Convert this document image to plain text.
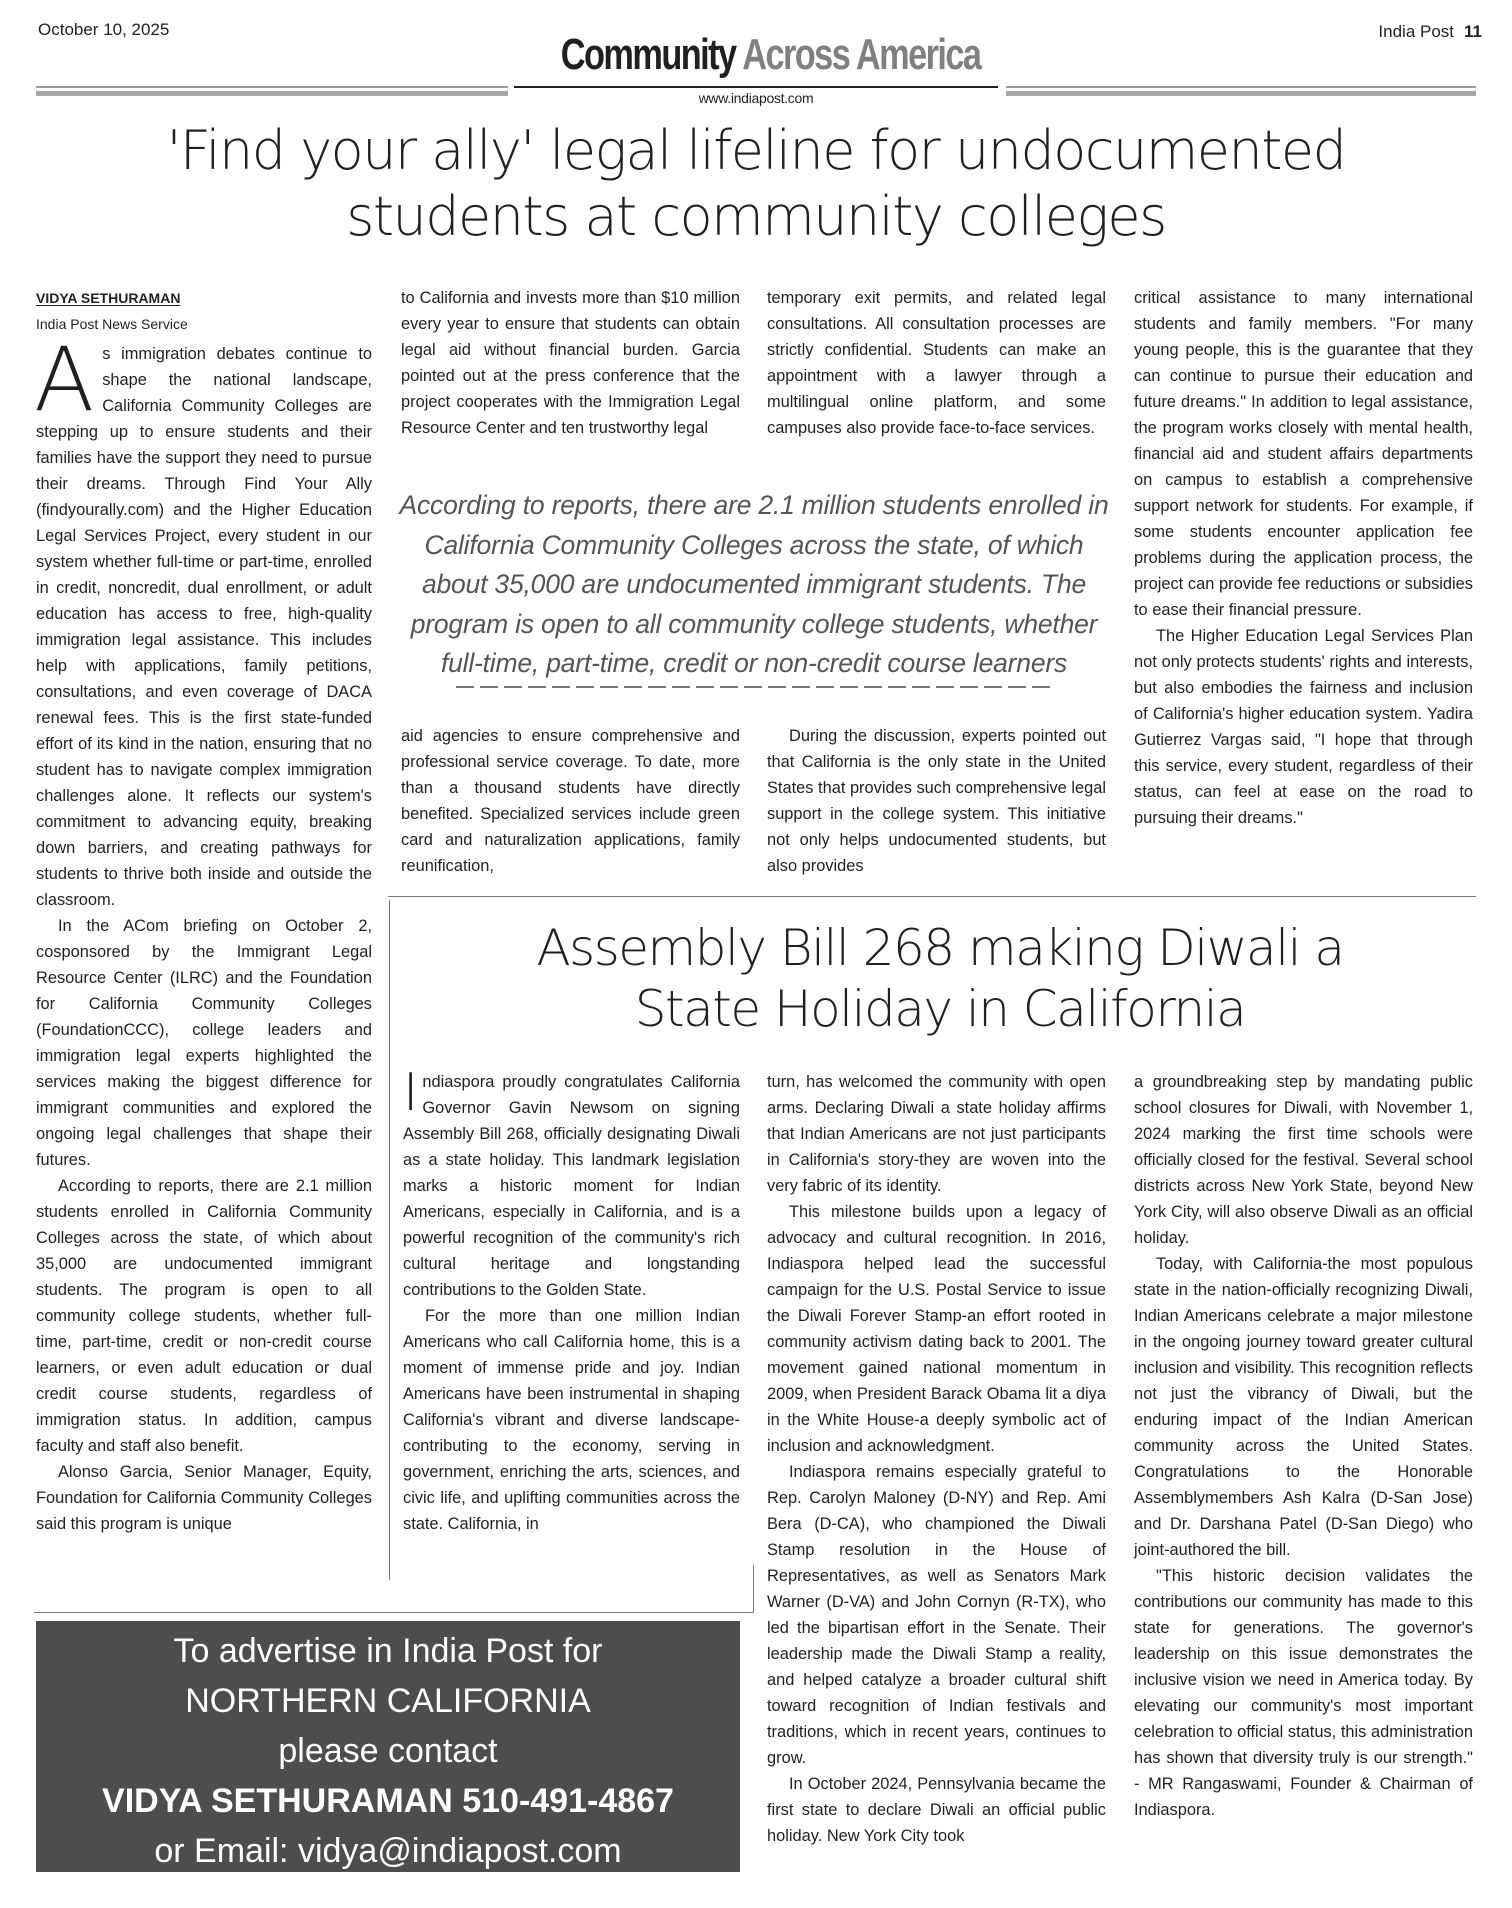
October 10, 2025
Community Across America	India Post 11
www.indiapost.com
'Find your ally' legal lifeline for undocumented
students at community colleges
VIDYA SETHURAMAN
India Post News Service

As immigration debates continue to shape the national landscape, California Community Colleges are stepping up to ensure students and their families have the support they need to pursue their dreams. Through Find Your Ally (findyourally.com) and the Higher Education Legal Services Project, every student in our system whether full-time or part-time, enrolled in credit, noncredit, dual enrollment, or adult education has access to free, high-quality immigration legal assistance. This includes help with applications, family petitions, consultations, and even coverage of DACA renewal fees. This is the first state-funded effort of its kind in the nation, ensuring that no student has to navigate complex immigration challenges alone. It reflects our system's commitment to advancing equity, breaking down barriers, and creating pathways for students to thrive both inside and outside the classroom.

In the ACom briefing on October 2, cosponsored by the Immigrant Legal Resource Center (ILRC) and the Foundation for California Community Colleges (FoundationCCC), college leaders and immigration legal experts highlighted the services making the biggest difference for immigrant communities and explored the ongoing legal challenges that shape their futures.

According to reports, there are 2.1 million students enrolled in California Community Colleges across the state, of which about 35,000 are undocumented immigrant students. The program is open to all community college students, whether full-time, part-time, credit or non-credit course learners, or even adult education or dual credit course students, regardless of immigration status. In addition, campus faculty and staff also benefit.

Alonso Garcia, Senior Manager, Equity, Foundation for California Community Colleges said this program is unique

to California and invests more than $10 million every year to ensure that students can obtain legal aid without financial burden. Garcia pointed out at the press conference that the project cooperates with the Immigration Legal Resource Center and ten trustworthy legal

temporary exit permits, and related legal consultations. All consultation processes are strictly confidential. Students can make an appointment with a lawyer through a multilingual online platform, and some campuses also provide face-to-face services.

According to reports, there are 2.1 million students enrolled in California Community Colleges across the state, of which about 35,000 are undocumented immigrant students. The program is open to all community college students, whether full-time, part-time, credit or non-credit course learners

aid agencies to ensure comprehensive and professional service coverage. To date, more than a thousand students have directly benefited. Specialized services include green card and naturalization applications, family reunification,

During the discussion, experts pointed out that California is the only state in the United States that provides such comprehensive legal support in the college system. This initiative not only helps undocumented students, but also provides

critical assistance to many international students and family members. "For many young people, this is the guarantee that they can continue to pursue their education and future dreams." In addition to legal assistance, the program works closely with mental health, financial aid and student affairs departments on campus to establish a comprehensive support network for students. For example, if some students encounter application fee problems during the application process, the project can provide fee reductions or subsidies to ease their financial pressure.

The Higher Education Legal Services Plan not only protects students' rights and interests, but also embodies the fairness and inclusion of California's higher education system. Yadira Gutierrez Vargas said, "I hope that through this service, every student, regardless of their status, can feel at ease on the road to pursuing their dreams."

Assembly Bill 268 making Diwali a
State Holiday in California

Indiaspora proudly congratulates California Governor Gavin Newsom on signing Assembly Bill 268, officially designating Diwali as a state holiday. This landmark legislation marks a historic moment for Indian Americans, especially in California, and is a powerful recognition of the community's rich cultural heritage and longstanding contributions to the Golden State.

For the more than one million Indian Americans who call California home, this is a moment of immense pride and joy. Indian Americans have been instrumental in shaping California's vibrant and diverse landscape-contributing to the economy, serving in government, enriching the arts, sciences, and civic life, and uplifting communities across the state. California, in

turn, has welcomed the community with open arms. Declaring Diwali a state holiday affirms that Indian Americans are not just participants in California's story-they are woven into the very fabric of its identity.

This milestone builds upon a legacy of advocacy and cultural recognition. In 2016, Indiaspora helped lead the successful campaign for the U.S. Postal Service to issue the Diwali Forever Stamp-an effort rooted in community activism dating back to 2001. The movement gained national momentum in 2009, when President Barack Obama lit a diya in the White House-a deeply symbolic act of inclusion and acknowledgment.

Indiaspora remains especially grateful to Rep. Carolyn Maloney (D-NY) and Rep. Ami Bera (D-CA), who championed the Diwali Stamp resolution in the House of Representatives, as well as Senators Mark Warner (D-VA) and John Cornyn (R-TX), who led the bipartisan effort in the Senate. Their leadership made the Diwali Stamp a reality, and helped catalyze a broader cultural shift toward recognition of Indian festivals and traditions, which in recent years, continues to grow.

In October 2024, Pennsylvania became the first state to declare Diwali an official public holiday. New York City took

a groundbreaking step by mandating public school closures for Diwali, with November 1, 2024 marking the first time schools were officially closed for the festival. Several school districts across New York State, beyond New York City, will also observe Diwali as an official holiday.

Today, with California-the most populous state in the nation-officially recognizing Diwali, Indian Americans celebrate a major milestone in the ongoing journey toward greater cultural inclusion and visibility. This recognition reflects not just the vibrancy of Diwali, but the enduring impact of the Indian American community across the United States. Congratulations to the Honorable Assemblymembers Ash Kalra (D-San Jose) and Dr. Darshana Patel (D-San Diego) who joint-authored the bill.

"This historic decision validates the contributions our community has made to this state for generations. The governor's leadership on this issue demonstrates the inclusive vision we need in America today. By elevating our community's most important celebration to official status, this administration has shown that diversity truly is our strength." - MR Rangaswami, Founder & Chairman of Indiaspora.

To advertise in India Post for
NORTHERN CALIFORNIA
please contact
VIDYA SETHURAMAN 510-491-4867
or Email: vidya@indiapost.com
